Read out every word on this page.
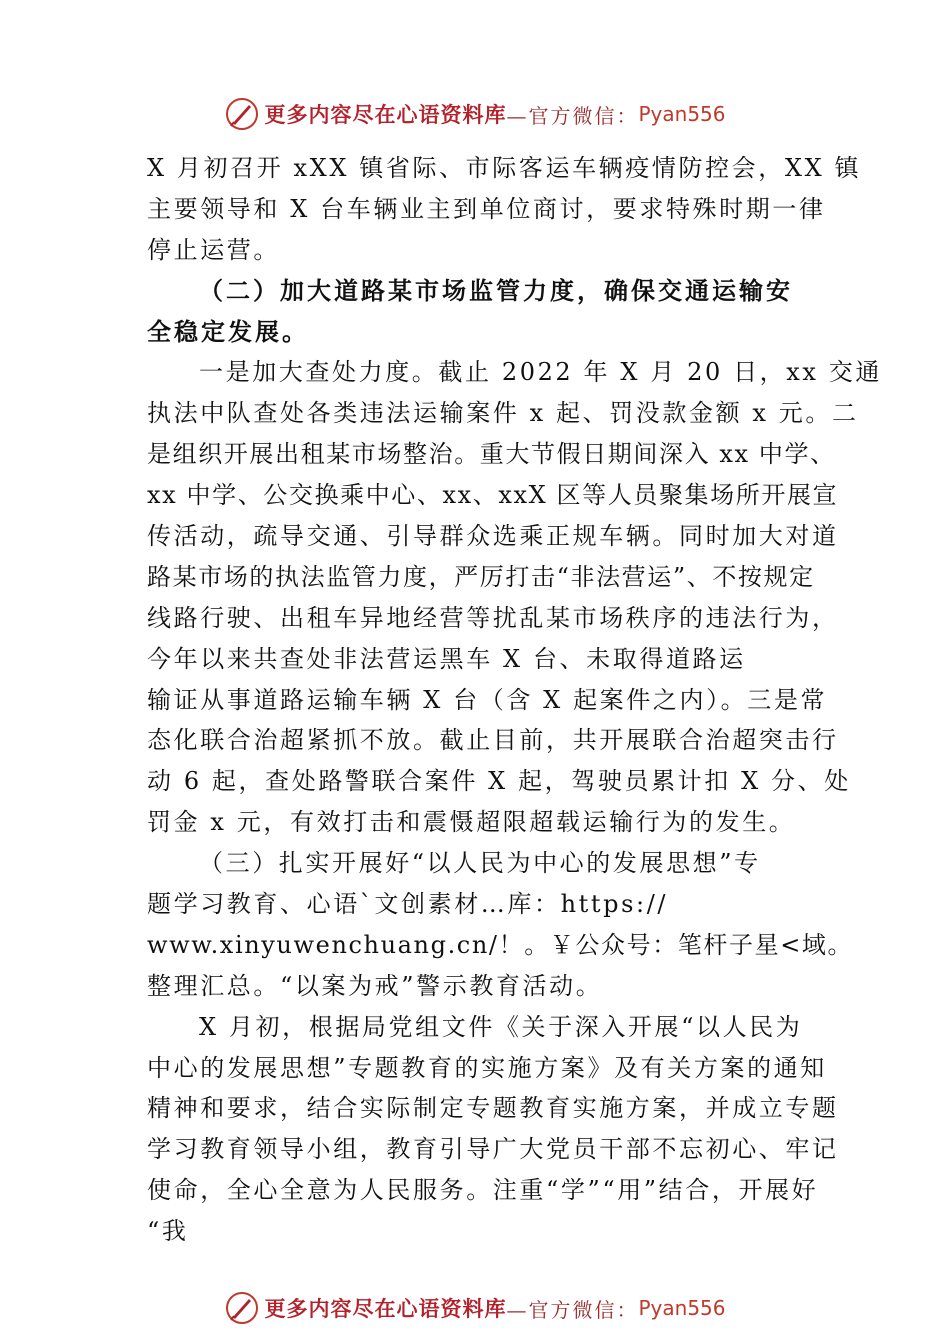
更多内容尽在心语资料库 —官方微信： Pyan556
X 月初召开 xXX 镇省际、市际客运车辆疫情防控会，XX 镇
主要领导和 X 台车辆业主到单位商讨，要求特殊时期一律
停止运营。
（二）加大道路某市场监管力度，确保交通运输安
全稳定发展。
一是加大查处力度。截止 2022 年 X 月 20 日，xx 交通
执法中队查处各类违法运输案件 x 起、罚没款金额 x 元。二
是组织开展出租某市场整治。重大节假日期间深入 xx 中学、
xx 中学、公交换乘中心、xx、xxX 区等人员聚集场所开展宣
传活动，疏导交通、引导群众选乘正规车辆。同时加大对道
路某市场的执法监管力度，严厉打击“非法营运”、不按规定
线路行驶、出租车异地经营等扰乱某市场秩序的违法行为，
今年以来共查处非法营运黑车 X 台、未取得道路运
输证从事道路运输车辆 X 台（含 X 起案件之内）。三是常
态化联合治超紧抓不放。截止目前，共开展联合治超突击行
动 6 起，查处路警联合案件 X 起，驾驶员累计扣 X 分、处
罚金 x 元，有效打击和震慑超限超载运输行为的发生。
（三）扎实开展好“以人民为中心的发展思想”专
题学习教育、心语`文创素材…库：https://
www.xinyuwenchuang.cn/！。￥公众号：笔杆子星<域。
整理汇总。“以案为戒”警示教育活动。
X 月初，根据局党组文件《关于深入开展“以人民为
中心的发展思想”专题教育的实施方案》及有关方案的通知
精神和要求，结合实际制定专题教育实施方案，并成立专题
学习教育领导小组，教育引导广大党员干部不忘初心、牢记
使命，全心全意为人民服务。注重“学”“用”结合，开展好
“我
更多内容尽在心语资料库 —官方微信： Pyan556
